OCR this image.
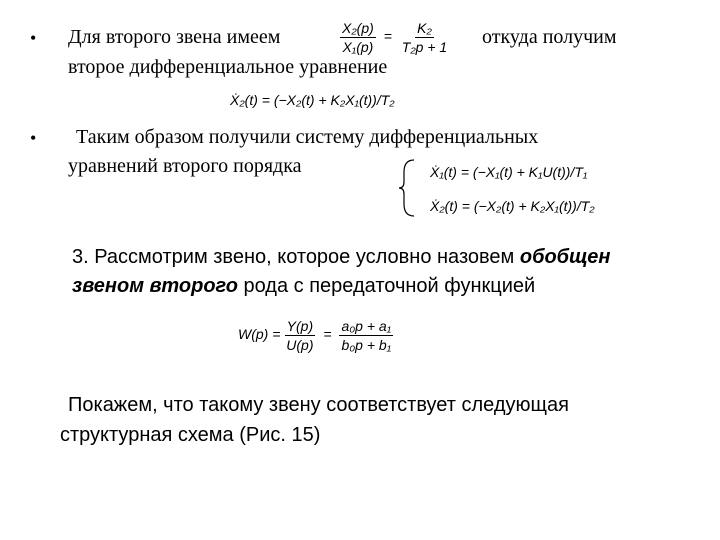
• Для второго звена имеем	$\frac{\text{X₂(p)}}{\text{X₁(p)}} = \frac{\text{K₂}}{\text{T₂p + 1}}$ откуда получим
второе дифференциальное уравнение
Ẋ₂(t) = (−X₂(t) + K₂X₁(t))/T₂
• Таким образом получили систему дифференциальных
уравнений второго порядка	Ẋ₁(t) = (−X₁(t) + K₁U(t))/T₁
Ẋ₂(t) = (−X₂(t) + K₂X₁(t))/T₂
3. Рассмотрим звено, которое условно назовем обобщен
звеном второго рода с передаточной функцией
$W(p) = \frac{Y(p)}{U(p)} = \frac{\text{a₀p + a₁}}{\text{b₀p + b₁}}$
Покажем, что такому звену соответствует следующая
структурная схема (Рис. 15)
